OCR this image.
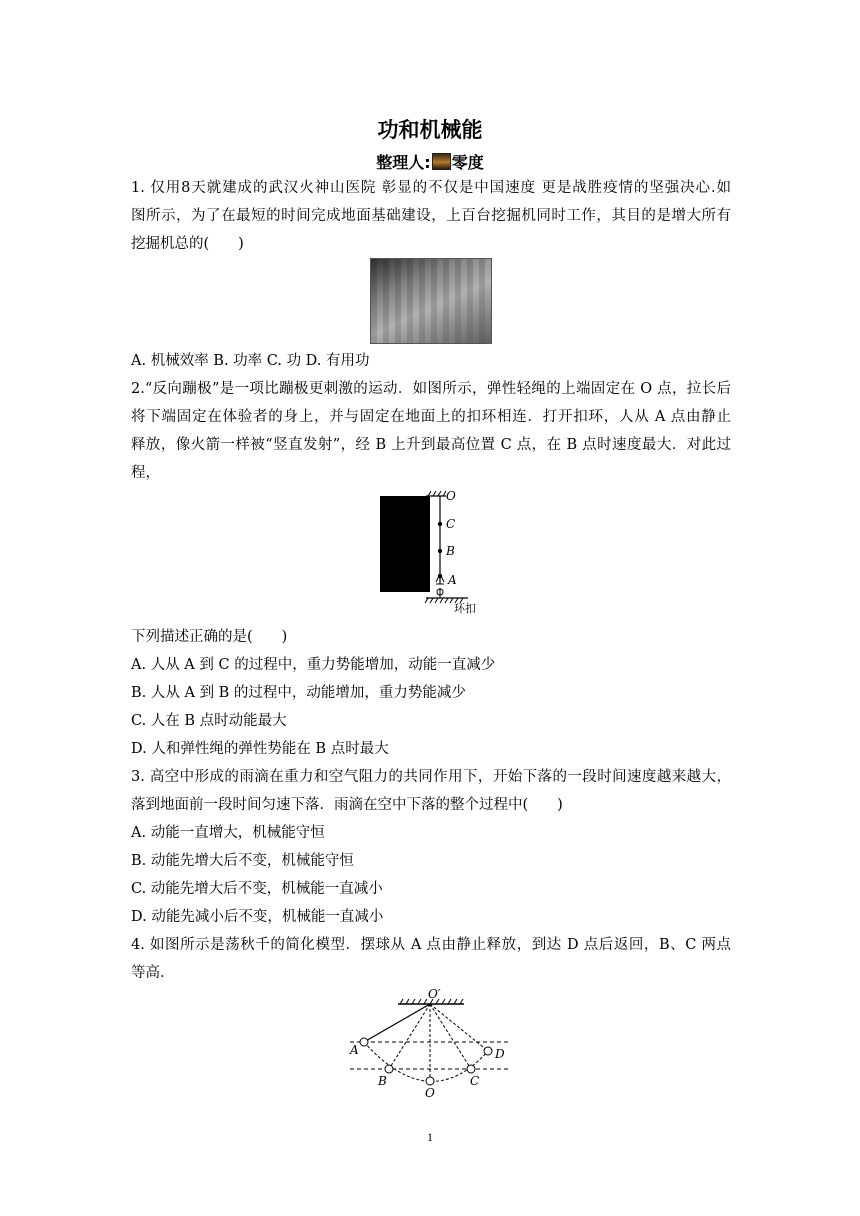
功和机械能
整理人: 零度
1. 仅用8天就建成的武汉火神山医院 彰显的不仅是中国速度 更是战胜疫情的坚强决心.如
图所示，为了在最短的时间完成地面基础建设，上百台挖掘机同时工作，其目的是增大所有
挖掘机总的(　　)
A. 机械效率 B. 功率 C. 功 D. 有用功
2.“反向蹦极”是一项比蹦极更刺激的运动．如图所示，弹性轻绳的上端固定在 O 点，拉长后
将下端固定在体验者的身上，并与固定在地面上的扣环相连．打开扣环，人从 A 点由静止
释放，像火箭一样被“竖直发射”，经 B 上升到最高位置 C 点，在 B 点时速度最大．对此过
程，
O
C
B
A
环扣
下列描述正确的是(　　)
A. 人从 A 到 C 的过程中，重力势能增加，动能一直减少
B. 人从 A 到 B 的过程中，动能增加，重力势能减少
C. 人在 B 点时动能最大
D. 人和弹性绳的弹性势能在 B 点时最大
3. 高空中形成的雨滴在重力和空气阻力的共同作用下，开始下落的一段时间速度越来越大，
落到地面前一段时间匀速下落．雨滴在空中下落的整个过程中(　　)
A. 动能一直增大，机械能守恒
B. 动能先增大后不变，机械能守恒
C. 动能先增大后不变，机械能一直减小
D. 动能先减小后不变，机械能一直减小
4. 如图所示是荡秋千的简化模型．摆球从 A 点由静止释放，到达 D 点后返回，B、C 两点
等高．
O′
A
B
O
C
D
1
